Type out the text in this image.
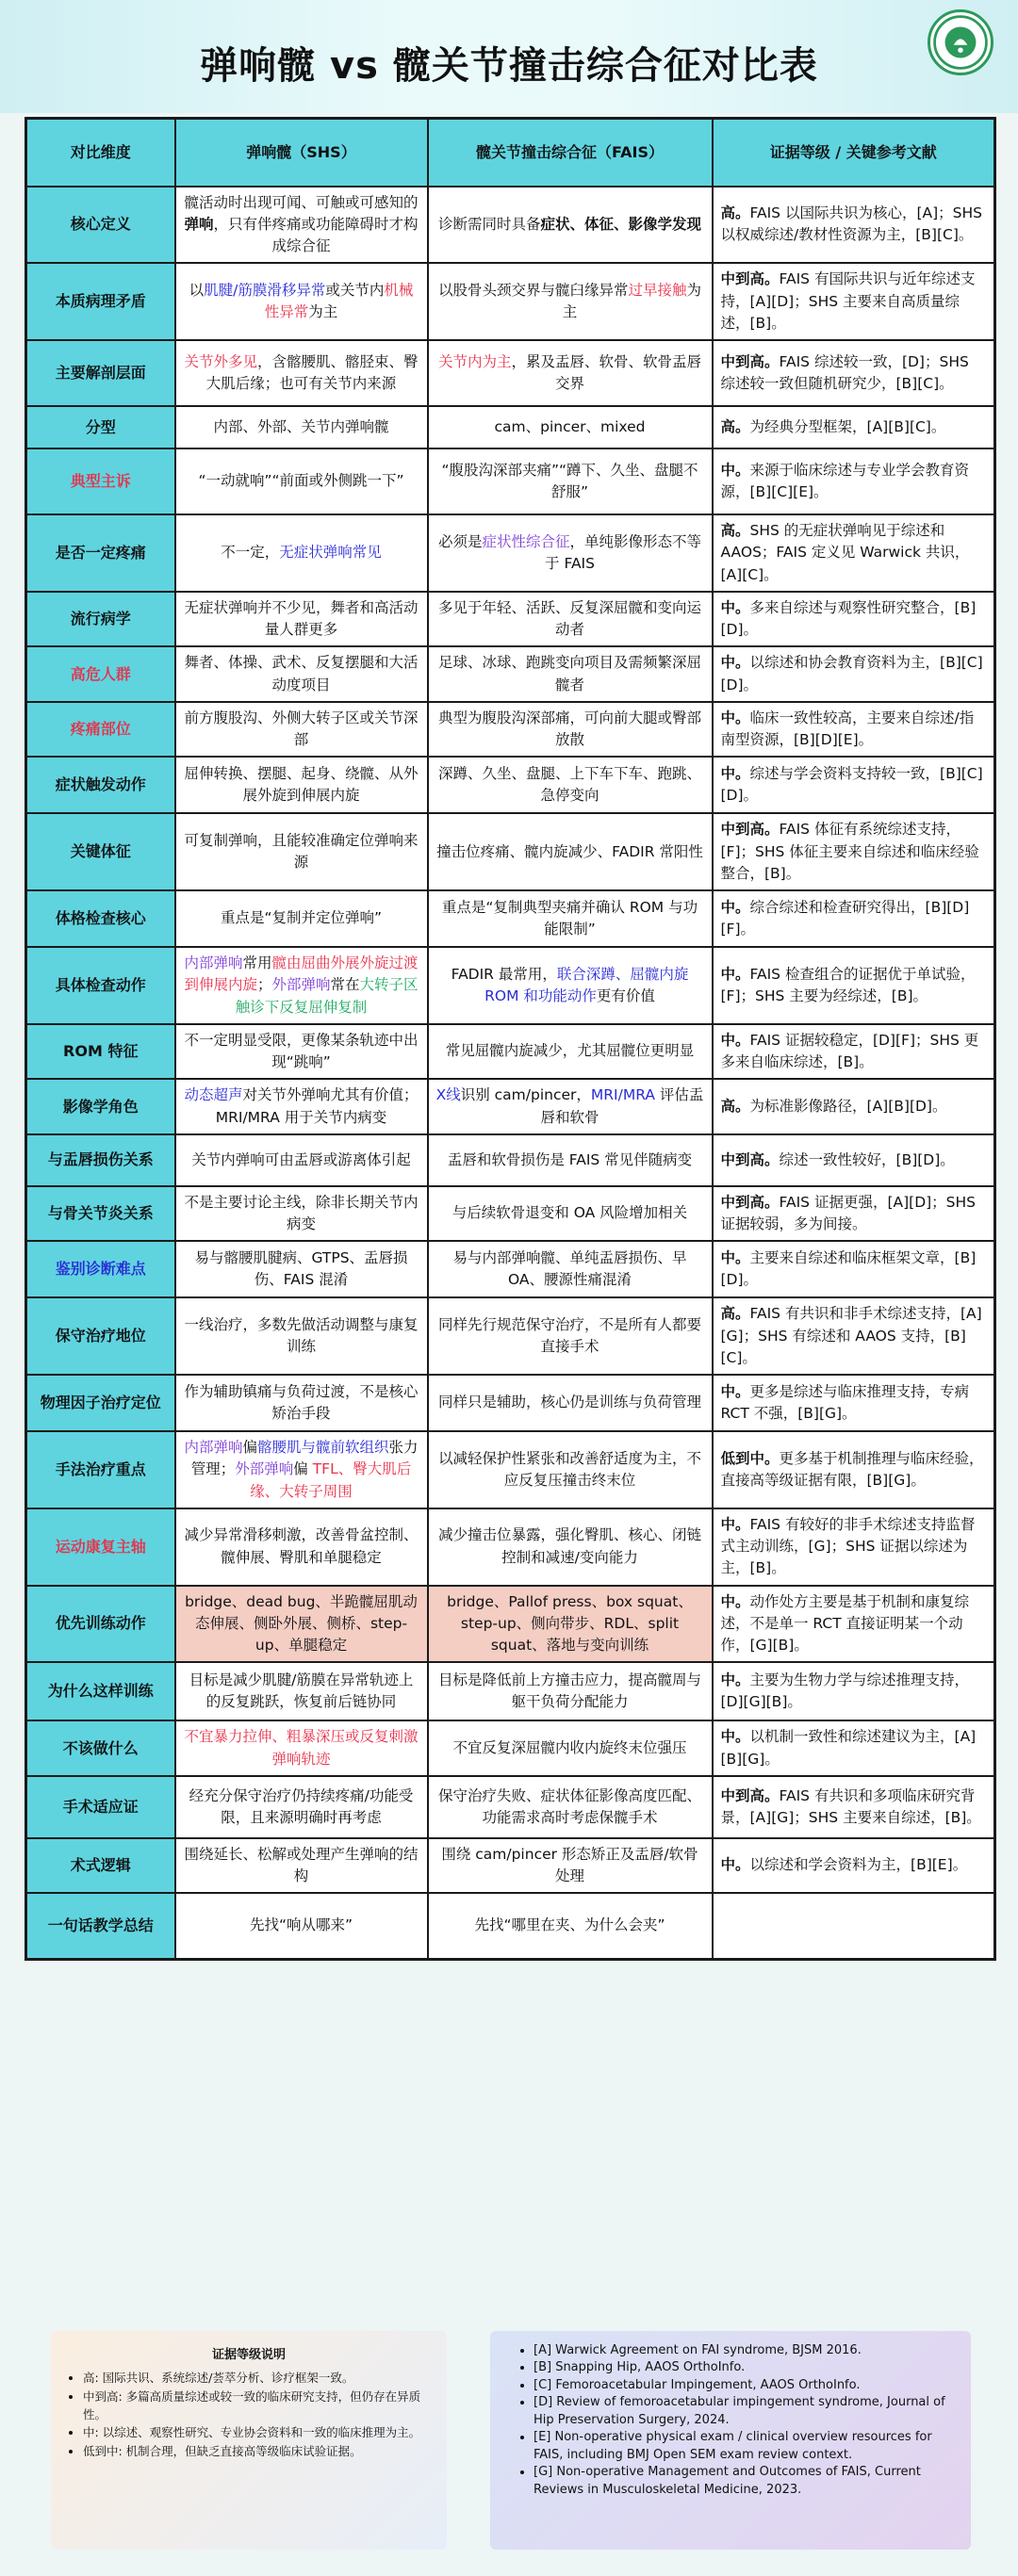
弹响髋 vs 髋关节撞击综合征对比表
对比维度	弹响髋（SHS）	髋关节撞击综合征（FAIS）	证据等级 / 关键参考文献
核心定义	髋活动时出现可闻、可触或可感知的弹响，只有伴疼痛或功能障碍时才构成综合征	诊断需同时具备症状、体征、影像学发现	高。FAIS 以国际共识为核心，[A]；SHS 以权威综述/教材性资源为主，[B][C]。
本质病理矛盾	以肌腱/筋膜滑移异常或关节内机械性异常为主	以股骨头颈交界与髋臼缘异常过早接触为主	中到高。FAIS 有国际共识与近年综述支持，[A][D]；SHS 主要来自高质量综述，[B]。
主要解剖层面	关节外多见，含髂腰肌、髂胫束、臀大肌后缘；也可有关节内来源	关节内为主，累及盂唇、软骨、软骨盂唇交界	中到高。FAIS 综述较一致，[D]；SHS 综述较一致但随机研究少，[B][C]。
分型	内部、外部、关节内弹响髋	cam、pincer、mixed	高。为经典分型框架，[A][B][C]。
典型主诉	“一动就响”“前面或外侧跳一下”	“腹股沟深部夹痛”“蹲下、久坐、盘腿不舒服”	中。来源于临床综述与专业学会教育资源，[B][C][E]。
是否一定疼痛	不一定，无症状弹响常见	必须是症状性综合征，单纯影像形态不等于 FAIS	高。SHS 的无症状弹响见于综述和 AAOS；FAIS 定义见 Warwick 共识，[A][C]。
流行病学	无症状弹响并不少见，舞者和高活动量人群更多	多见于年轻、活跃、反复深屈髋和变向运动者	中。多来自综述与观察性研究整合，[B][D]。
高危人群	舞者、体操、武术、反复摆腿和大活动度项目	足球、冰球、跑跳变向项目及需频繁深屈髋者	中。以综述和协会教育资料为主，[B][C][D]。
疼痛部位	前方腹股沟、外侧大转子区或关节深部	典型为腹股沟深部痛，可向前大腿或臀部放散	中。临床一致性较高，主要来自综述/指南型资源，[B][D][E]。
症状触发动作	屈伸转换、摆腿、起身、绕髋、从外展外旋到伸展内旋	深蹲、久坐、盘腿、上下车下车、跑跳、急停变向	中。综述与学会资料支持较一致，[B][C][D]。
关键体征	可复制弹响，且能较准确定位弹响来源	撞击位疼痛、髋内旋减少、FADIR 常阳性	中到高。FAIS 体征有系统综述支持，[F]；SHS 体征主要来自综述和临床经验整合，[B]。
体格检查核心	重点是“复制并定位弹响”	重点是“复制典型夹痛并确认 ROM 与功能限制”	中。综合综述和检查研究得出，[B][D][F]。
具体检查动作	内部弹响常用髋由屈曲外展外旋过渡到伸展内旋；外部弹响常在大转子区触诊下反复屈伸复制	FADIR 最常用，联合深蹲、屈髋内旋 ROM 和功能动作更有价值	中。FAIS 检查组合的证据优于单试验，[F]；SHS 主要为经综述，[B]。
ROM 特征	不一定明显受限，更像某条轨迹中出现“跳响”	常见屈髋内旋减少，尤其屈髋位更明显	中。FAIS 证据较稳定，[D][F]；SHS 更多来自临床综述，[B]。
影像学角色	动态超声对关节外弹响尤其有价值；MRI/MRA 用于关节内病变	X线识别 cam/pincer，MRI/MRA 评估盂唇和软骨	高。为标准影像路径，[A][B][D]。
与盂唇损伤关系	关节内弹响可由盂唇或游离体引起	盂唇和软骨损伤是 FAIS 常见伴随病变	中到高。综述一致性较好，[B][D]。
与骨关节炎关系	不是主要讨论主线，除非长期关节内病变	与后续软骨退变和 OA 风险增加相关	中到高。FAIS 证据更强，[A][D]；SHS 证据较弱，多为间接。
鉴别诊断难点	易与髂腰肌腱病、GTPS、盂唇损伤、FAIS 混淆	易与内部弹响髋、单纯盂唇损伤、早 OA、腰源性痛混淆	中。主要来自综述和临床框架文章，[B][D]。
保守治疗地位	一线治疗，多数先做活动调整与康复训练	同样先行规范保守治疗，不是所有人都要直接手术	高。FAIS 有共识和非手术综述支持，[A][G]；SHS 有综述和 AAOS 支持，[B][C]。
物理因子治疗定位	作为辅助镇痛与负荷过渡，不是核心矫治手段	同样只是辅助，核心仍是训练与负荷管理	中。更多是综述与临床推理支持，专病 RCT 不强，[B][G]。
手法治疗重点	内部弹响偏髂腰肌与髋前软组织张力管理；外部弹响偏 TFL、臀大肌后缘、大转子周围	以减轻保护性紧张和改善舒适度为主，不应反复压撞击终末位	低到中。更多基于机制推理与临床经验，直接高等级证据有限，[B][G]。
运动康复主轴	减少异常滑移刺激，改善骨盆控制、髋伸展、臀肌和单腿稳定	减少撞击位暴露，强化臀肌、核心、闭链控制和减速/变向能力	中。FAIS 有较好的非手术综述支持监督式主动训练，[G]；SHS 证据以综述为主，[B]。
优先训练动作	bridge、dead bug、半跪髋屈肌动态伸展、侧卧外展、侧桥、step-up、单腿稳定	bridge、Pallof press、box squat、step-up、侧向带步、RDL、split squat、落地与变向训练	中。动作处方主要是基于机制和康复综述，不是单一 RCT 直接证明某一个动作，[G][B]。
为什么这样训练	目标是减少肌腱/筋膜在异常轨迹上的反复跳跃，恢复前后链协同	目标是降低前上方撞击应力，提高髋周与躯干负荷分配能力	中。主要为生物力学与综述推理支持，[D][G][B]。
不该做什么	不宜暴力拉伸、粗暴深压或反复刺激弹响轨迹	不宜反复深屈髋内收内旋终末位强压	中。以机制一致性和综述建议为主，[A][B][G]。
手术适应证	经充分保守治疗仍持续疼痛/功能受限，且来源明确时再考虑	保守治疗失败、症状体征影像高度匹配、功能需求高时考虑保髋手术	中到高。FAIS 有共识和多项临床研究背景，[A][G]；SHS 主要来自综述，[B]。
术式逻辑	围绕延长、松解或处理产生弹响的结构	围绕 cam/pincer 形态矫正及盂唇/软骨处理	中。以综述和学会资料为主，[B][E]。
一句话教学总结	先找“响从哪来”	先找“哪里在夹、为什么会夹”	
证据等级说明
• 高: 国际共识、系统综述/荟萃分析、诊疗框架一致。
• 中到高: 多篇高质量综述或较一致的临床研究支持，但仍存在异质性。
• 中: 以综述、观察性研究、专业协会资料和一致的临床推理为主。
• 低到中: 机制合理，但缺乏直接高等级临床试验证据。
• [A] Warwick Agreement on FAI syndrome, BJSM 2016.
• [B] Snapping Hip, AAOS OrthoInfo.
• [C] Femoroacetabular Impingement, AAOS OrthoInfo.
• [D] Review of femoroacetabular impingement syndrome, Journal of Hip Preservation Surgery, 2024.
• [E] Non-operative physical exam / clinical overview resources for FAIS, including BMJ Open SEM exam review context.
• [G] Non-operative Management and Outcomes of FAIS, Current Reviews in Musculoskeletal Medicine, 2023.
